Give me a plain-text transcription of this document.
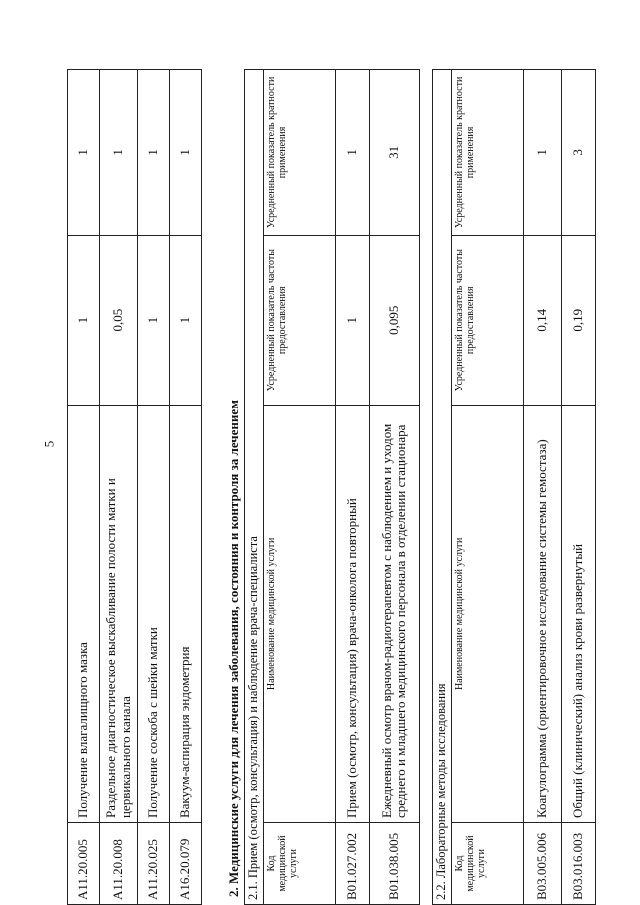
5
A11.20.005	Получение влагалищного мазка	1	1
A11.20.008	Раздельное диагностическое выскабливание полости матки и цервикального канала	0,05	1
A11.20.025	Получение соскоба с шейки матки	1	1
A16.20.079	Вакуум-аспирация эндометрия	1	1
2. Медицинские услуги для лечения заболевания, состояния и контроля за лечением 2.1. Прием (осмотр, консультация) и наблюдение врача-специалиста			
Код медицинской услуги	Наименование медицинской услуги	Усредненный показатель частоты предоставления	Усредненный показатель кратности применения
B01.027.002	Прием (осмотр, консультация) врача-онколога повторный	1	1
B01.038.005	Ежедневный осмотр врачом-радиотерапевтом с наблюдением и уходом среднего и младшего медицинского персонала в отделении стационара	0,095	31
2.2. Лабораторные методы исследования			
Код медицинской услуги	Наименование медицинской услуги	Усредненный показатель частоты предоставления	Усредненный показатель кратности применения
B03.005.006	Коагулограмма (ориентировочное исследование системы гемостаза)	0,14	1
B03.016.003	Общий (клинический) анализ крови развернутый	0,19	3
